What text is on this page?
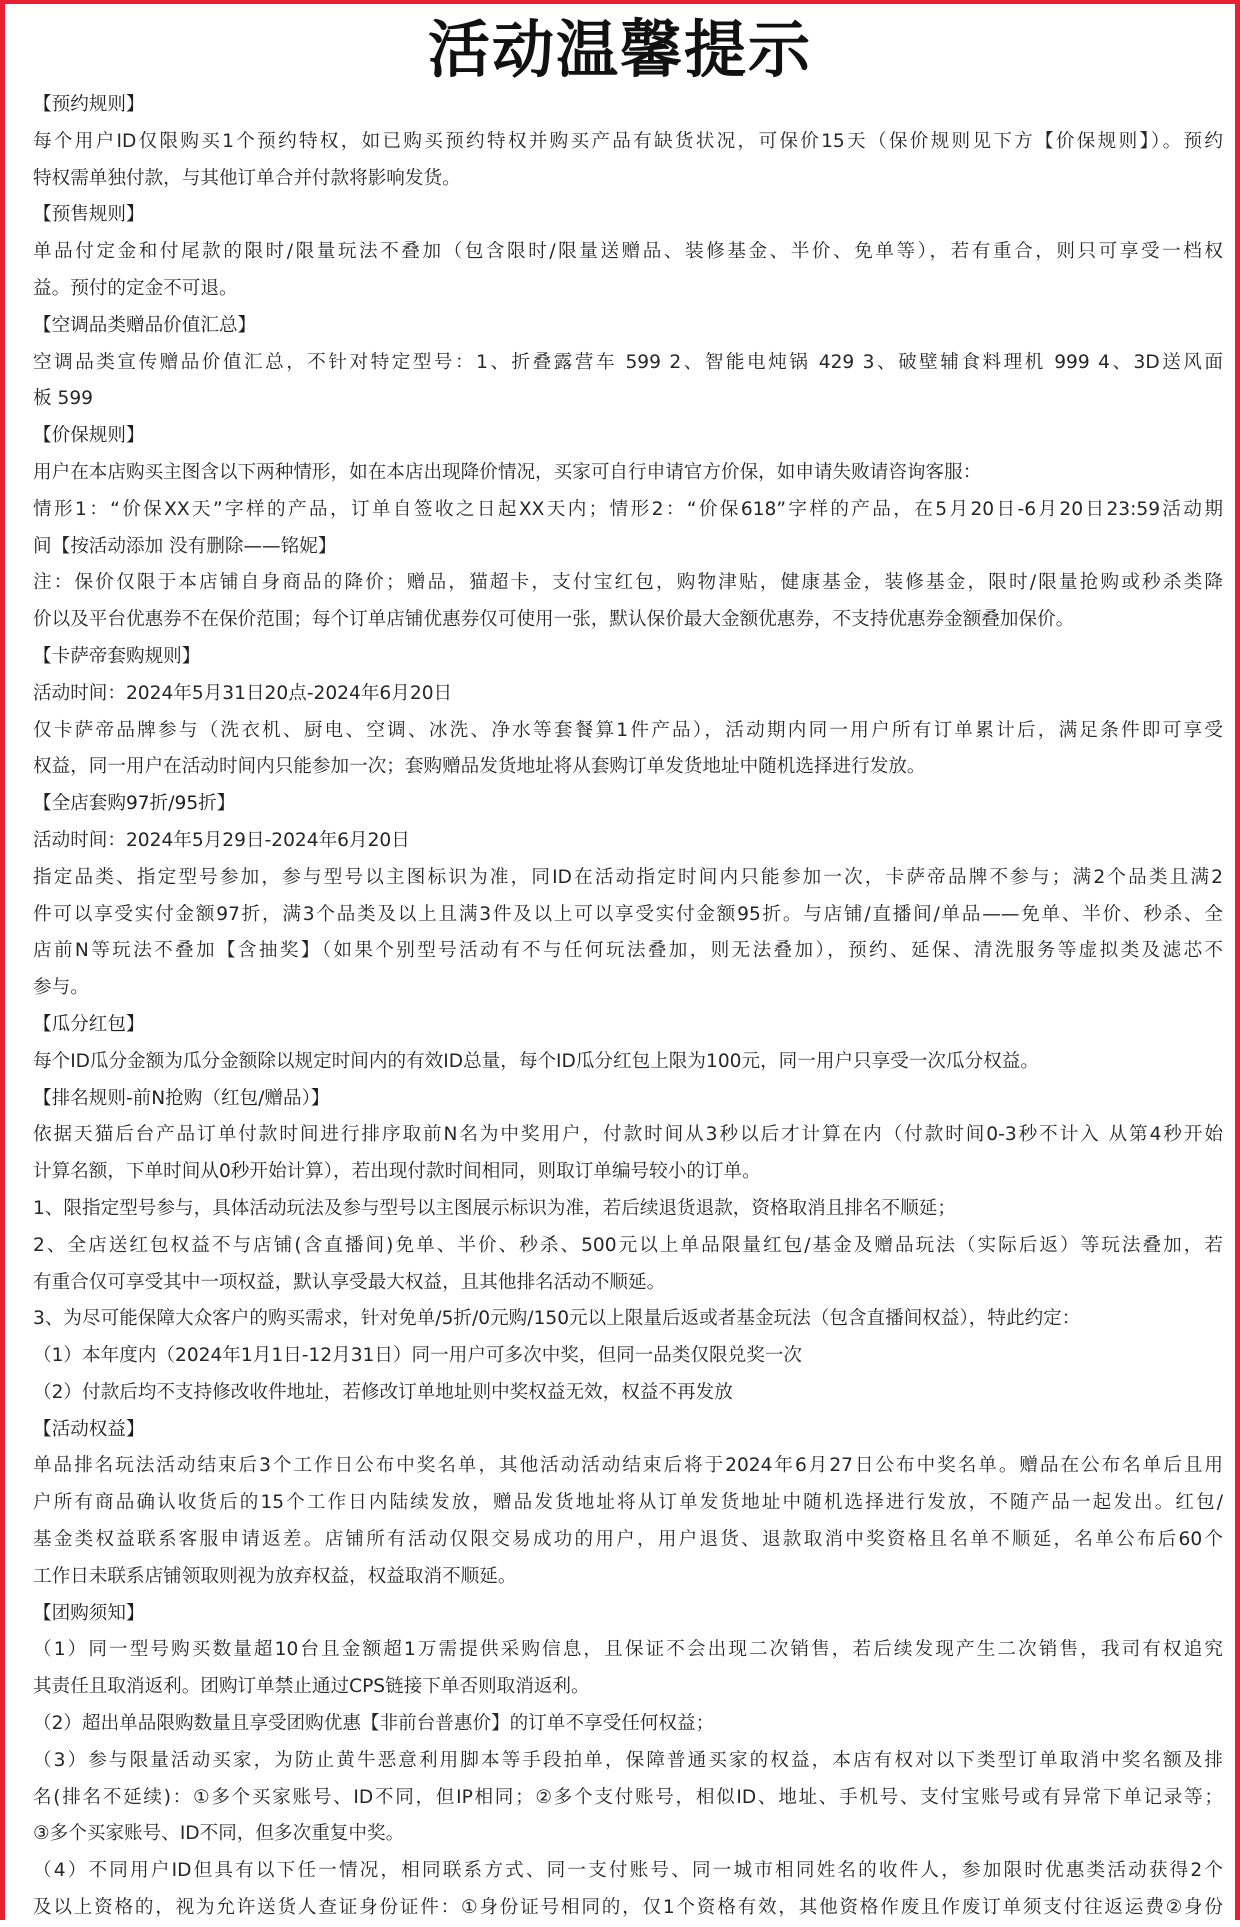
活动温馨提示
【预约规则】
每个用户ID仅限购买1个预约特权，如已购买预约特权并购买产品有缺货状况，可保价15天（保价规则见下方【价保规则】）。预约
特权需单独付款，与其他订单合并付款将影响发货。
【预售规则】
单品付定金和付尾款的限时/限量玩法不叠加（包含限时/限量送赠品、装修基金、半价、免单等），若有重合，则只可享受一档权
益。预付的定金不可退。
【空调品类赠品价值汇总】
空调品类宣传赠品价值汇总，不针对特定型号：1、折叠露营车 599 2、智能电炖锅 429 3、破壁辅食料理机 999 4、3D送风面
板 599
【价保规则】
用户在本店购买主图含以下两种情形，如在本店出现降价情况，买家可自行申请官方价保，如申请失败请咨询客服：
情形1：“价保XX天”字样的产品，订单自签收之日起XX天内；情形2：“价保618”字样的产品，在5月20日-6月20日23:59活动期
间【按活动添加 没有删除——铭妮】
注：保价仅限于本店铺自身商品的降价；赠品，猫超卡，支付宝红包，购物津贴，健康基金，装修基金，限时/限量抢购或秒杀类降
价以及平台优惠券不在保价范围；每个订单店铺优惠券仅可使用一张，默认保价最大金额优惠券，不支持优惠券金额叠加保价。
【卡萨帝套购规则】
活动时间：2024年5月31日20点-2024年6月20日
仅卡萨帝品牌参与（洗衣机、厨电、空调、冰洗、净水等套餐算1件产品），活动期内同一用户所有订单累计后，满足条件即可享受
权益，同一用户在活动时间内只能参加一次；套购赠品发货地址将从套购订单发货地址中随机选择进行发放。
【全店套购97折/95折】
活动时间：2024年5月29日-2024年6月20日
指定品类、指定型号参加，参与型号以主图标识为准，同ID在活动指定时间内只能参加一次，卡萨帝品牌不参与；满2个品类且满2
件可以享受实付金额97折，满3个品类及以上且满3件及以上可以享受实付金额95折。与店铺/直播间/单品——免单、半价、秒杀、全
店前N等玩法不叠加【含抽奖】（如果个别型号活动有不与任何玩法叠加，则无法叠加），预约、延保、清洗服务等虚拟类及滤芯不
参与。
【瓜分红包】
每个ID瓜分金额为瓜分金额除以规定时间内的有效ID总量，每个ID瓜分红包上限为100元，同一用户只享受一次瓜分权益。
【排名规则-前N抢购（红包/赠品）】
依据天猫后台产品订单付款时间进行排序取前N名为中奖用户，付款时间从3秒以后才计算在内（付款时间0-3秒不计入 从第4秒开始
计算名额，下单时间从0秒开始计算），若出现付款时间相同，则取订单编号较小的订单。
1、限指定型号参与，具体活动玩法及参与型号以主图展示标识为准，若后续退货退款，资格取消且排名不顺延；
2、全店送红包权益不与店铺(含直播间)免单、半价、秒杀、500元以上单品限量红包/基金及赠品玩法（实际后返）等玩法叠加，若
有重合仅可享受其中一项权益，默认享受最大权益，且其他排名活动不顺延。
3、为尽可能保障大众客户的购买需求，针对免单/5折/0元购/150元以上限量后返或者基金玩法（包含直播间权益），特此约定：
（1）本年度内（2024年1月1日-12月31日）同一用户可多次中奖，但同一品类仅限兑奖一次
（2）付款后均不支持修改收件地址，若修改订单地址则中奖权益无效，权益不再发放
【活动权益】
单品排名玩法活动结束后3个工作日公布中奖名单，其他活动活动结束后将于2024年6月27日公布中奖名单。赠品在公布名单后且用
户所有商品确认收货后的15个工作日内陆续发放，赠品发货地址将从订单发货地址中随机选择进行发放，不随产品一起发出。红包/
基金类权益联系客服申请返差。店铺所有活动仅限交易成功的用户，用户退货、退款取消中奖资格且名单不顺延，名单公布后60个
工作日未联系店铺领取则视为放弃权益，权益取消不顺延。
【团购须知】
（1）同一型号购买数量超10台且金额超1万需提供采购信息，且保证不会出现二次销售，若后续发现产生二次销售，我司有权追究
其责任且取消返利。团购订单禁止通过CPS链接下单否则取消返利。
（2）超出单品限购数量且享受团购优惠【非前台普惠价】的订单不享受任何权益；
（3）参与限量活动买家，为防止黄牛恶意利用脚本等手段拍单，保障普通买家的权益，本店有权对以下类型订单取消中奖名额及排
名(排名不延续)：①多个买家账号、ID不同，但IP相同；②多个支付账号，相似ID、地址、手机号、支付宝账号或有异常下单记录等；
③多个买家账号、ID不同，但多次重复中奖。
（4）不同用户ID但具有以下任一情况，相同联系方式、同一支付账号、同一城市相同姓名的收件人，参加限时优惠类活动获得2个
及以上资格的，视为允许送货人查证身份证件：①身份证号相同的，仅1个资格有效，其他资格作废且作废订单须支付往返运费②身份
